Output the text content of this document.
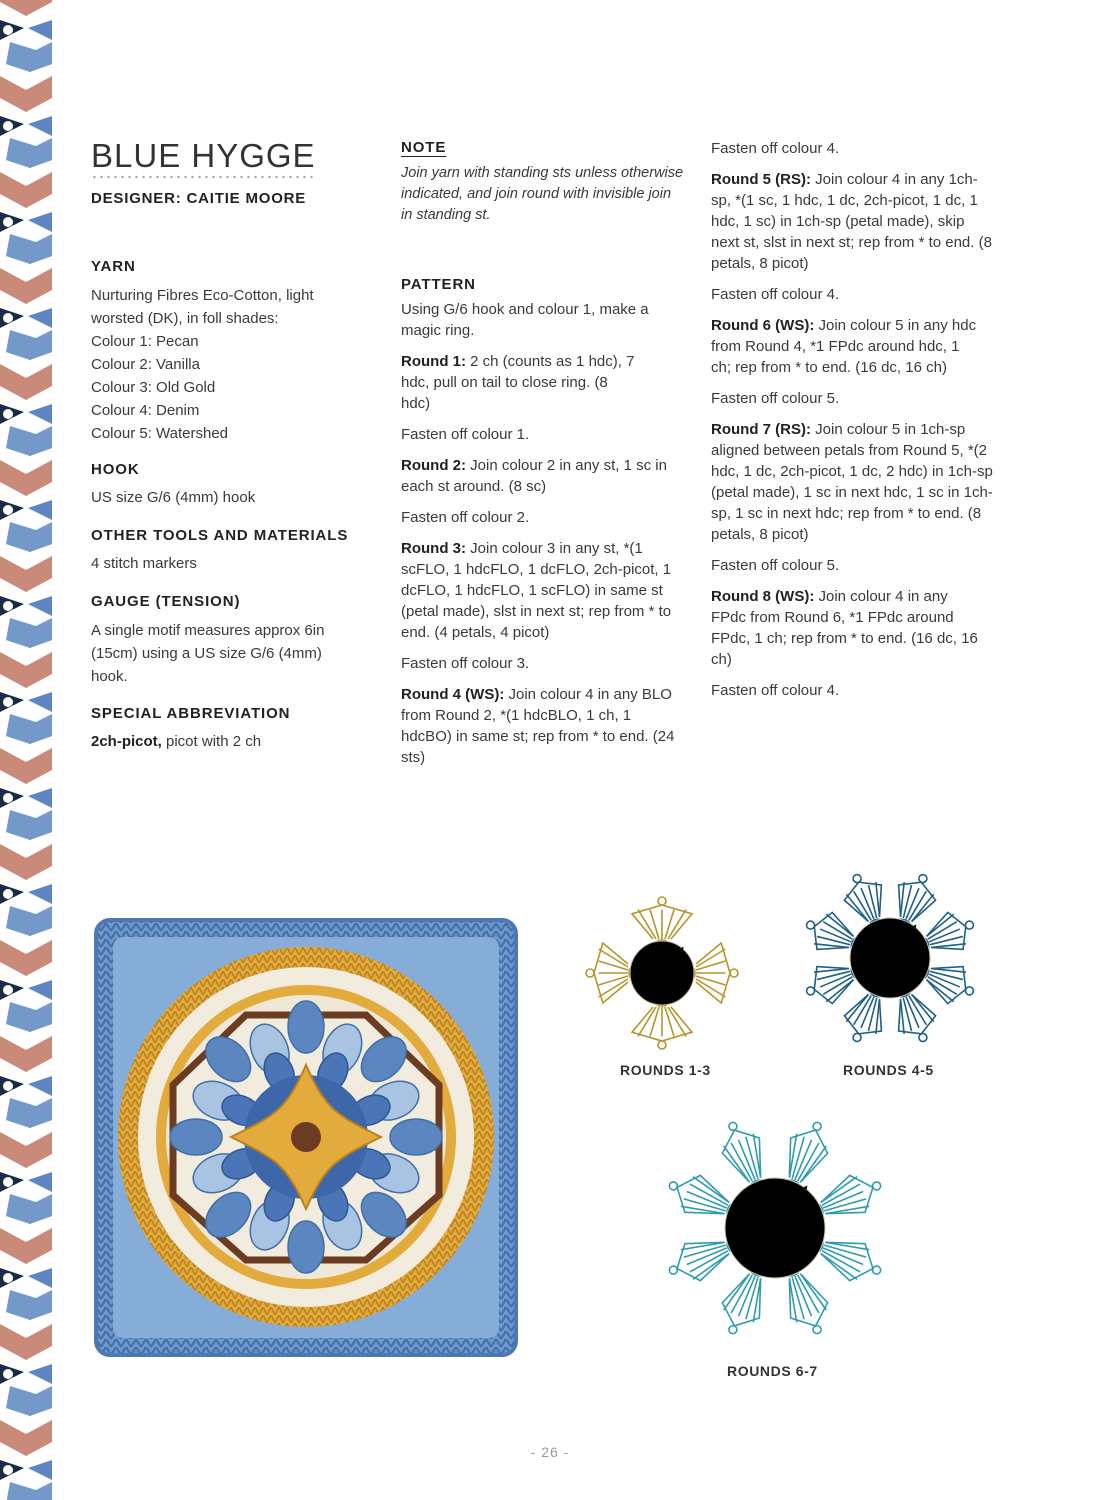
BLUE HYGGE
DESIGNER: CAITIE MOORE

YARN

Nurturing Fibres Eco-Cotton, light

worsted (DK), in foll shades:

Colour 1: Pecan

Colour 2: Vanilla

Colour 3: Old Gold

Colour 4: Denim

Colour 5: Watershed

HOOK

US size G/6 (4mm) hook

OTHER TOOLS AND MATERIALS

4 stitch markers

GAUGE (TENSION)

A single motif measures approx 6in (15cm) using a US size G/6 (4mm) hook.

SPECIAL ABBREVIATION

2ch-picot, picot with 2 ch

NOTE

Join yarn with standing sts unless otherwise indicated, and join round with invisible join in standing st.

PATTERN

Using G/6 hook and colour 1, make a magic ring.

Round 1: 2 ch (counts as 1 hdc), 7 hdc, pull on tail to close ring. (8 hdc)

Fasten off colour 1.

Round 2: Join colour 2 in any st, 1 sc in each st around. (8 sc)

Fasten off colour 2.

Round 3: Join colour 3 in any st, *(1 scFLO, 1 hdcFLO, 1 dcFLO, 2ch-picot, 1 dcFLO, 1 hdcFLO, 1 scFLO) in same st (petal made), slst in next st; rep from * to end. (4 petals, 4 picot)

Fasten off colour 3.

Round 4 (WS): Join colour 4 in any BLO from Round 2, *(1 hdcBLO, 1 ch, 1 hdcBO) in same st; rep from * to end. (24 sts)

Fasten off colour 4.

Round 5 (RS): Join colour 4 in any 1ch-sp, *(1 sc, 1 hdc, 1 dc, 2ch-picot, 1 dc, 1 hdc, 1 sc) in 1ch-sp (petal made), skip next st, slst in next st; rep from * to end. (8 petals, 8 picot)

Fasten off colour 4.

Round 6 (WS): Join colour 5 in any hdc from Round 4, *1 FPdc around hdc, 1 ch; rep from * to end. (16 dc, 16 ch)

Fasten off colour 5.

Round 7 (RS): Join colour 5 in 1ch-sp aligned between petals from Round 5, *(2 hdc, 1 dc, 2ch-picot, 1 dc, 2 hdc) in 1ch-sp (petal made), 1 sc in next hdc, 1 sc in 1ch-sp, 1 sc in next hdc; rep from * to end. (8 petals, 8 picot)

Fasten off colour 5.

Round 8 (WS): Join colour 4 in any FPdc from Round 6, *1 FPdc around FPdc, 1 ch; rep from * to end. (16 dc, 16 ch)

Fasten off colour 4.

ROUNDS 1-3	ROUNDS 4-5
ROUNDS 6-7
- 26 -
